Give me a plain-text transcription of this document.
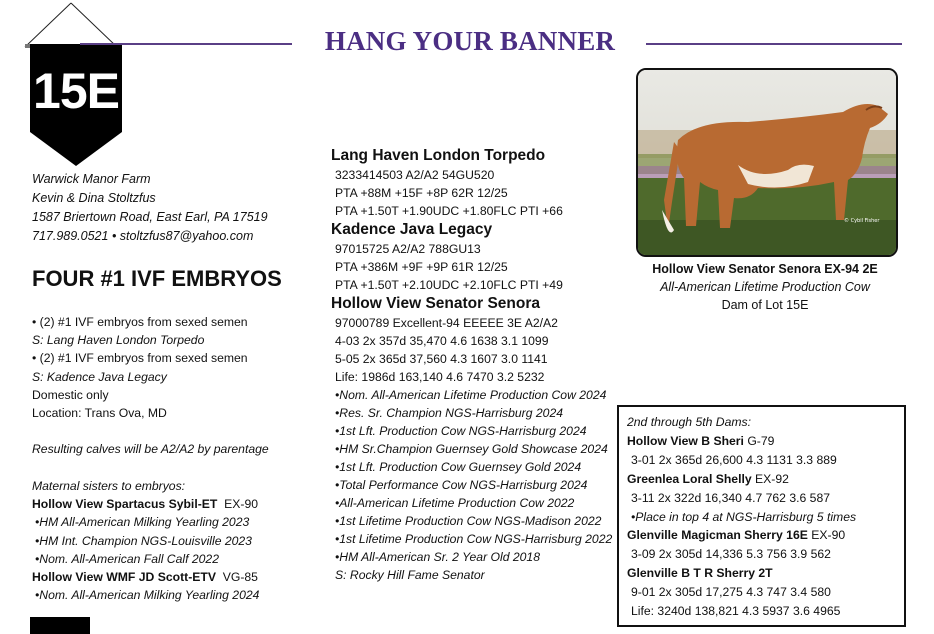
15E
HANG YOUR BANNER
Warwick Manor Farm
Kevin & Dina Stoltzfus
1587 Briertown Road, East Earl, PA 17519
717.989.0521 • stoltzfus87@yahoo.com
FOUR #1 IVF EMBRYOS
• (2) #1 IVF embryos from sexed semen
S: Lang Haven London Torpedo
• (2) #1 IVF embryos from sexed semen
S: Kadence Java Legacy
Domestic only
Location: Trans Ova, MD
Resulting calves will be A2/A2 by parentage
Maternal sisters to embryos:
Hollow View Spartacus Sybil-ET EX-90
•HM All-American Milking Yearling 2023
•HM Int. Champion NGS-Louisville 2023
•Nom. All-American Fall Calf 2022
Hollow View WMF JD Scott-ETV VG-85
•Nom. All-American Milking Yearling 2024
Lang Haven London Torpedo
3233414503 A2/A2 54GU520
PTA +88M +15F +8P 62R 12/25
PTA +1.50T +1.90UDC +1.80FLC PTI +66
Kadence Java Legacy
97015725 A2/A2 788GU13
PTA +386M +9F +9P 61R 12/25
PTA +1.50T +2.10UDC +2.10FLC PTI +49
Hollow View Senator Senora
97000789 Excellent-94 EEEEE 3E A2/A2
4-03 2x 357d 35,470 4.6 1638 3.1 1099
5-05 2x 365d 37,560 4.3 1607 3.0 1141
Life: 1986d 163,140 4.6 7470 3.2 5232
•Nom. All-American Lifetime Production Cow 2024
•Res. Sr. Champion NGS-Harrisburg 2024
•1st Lft. Production Cow NGS-Harrisburg 2024
•HM Sr.Champion Guernsey Gold Showcase 2024
•1st Lft. Production Cow Guernsey Gold 2024
•Total Performance Cow NGS-Harrisburg 2024
•All-American Lifetime Production Cow 2022
•1st Lifetime Production Cow NGS-Madison 2022
•1st Lifetime Production Cow NGS-Harrisburg 2022
•HM All-American Sr. 2 Year Old 2018
S: Rocky Hill Fame Senator
© Cybil Fisher
Hollow View Senator Senora EX-94 2E
All-American Lifetime Production Cow
Dam of Lot 15E
2nd through 5th Dams:
Hollow View B Sheri G-79
3-01 2x 365d 26,600 4.3 1131 3.3 889
Greenlea Loral Shelly EX-92
3-11 2x 322d 16,340 4.7 762 3.6 587
•Place in top 4 at NGS-Harrisburg 5 times
Glenville Magicman Sherry 16E EX-90
3-09 2x 305d 14,336 5.3 756 3.9 562
Glenville B T R Sherry 2T
9-01 2x 305d 17,275 4.3 747 3.4 580
Life: 3240d 138,821 4.3 5937 3.6 4965
